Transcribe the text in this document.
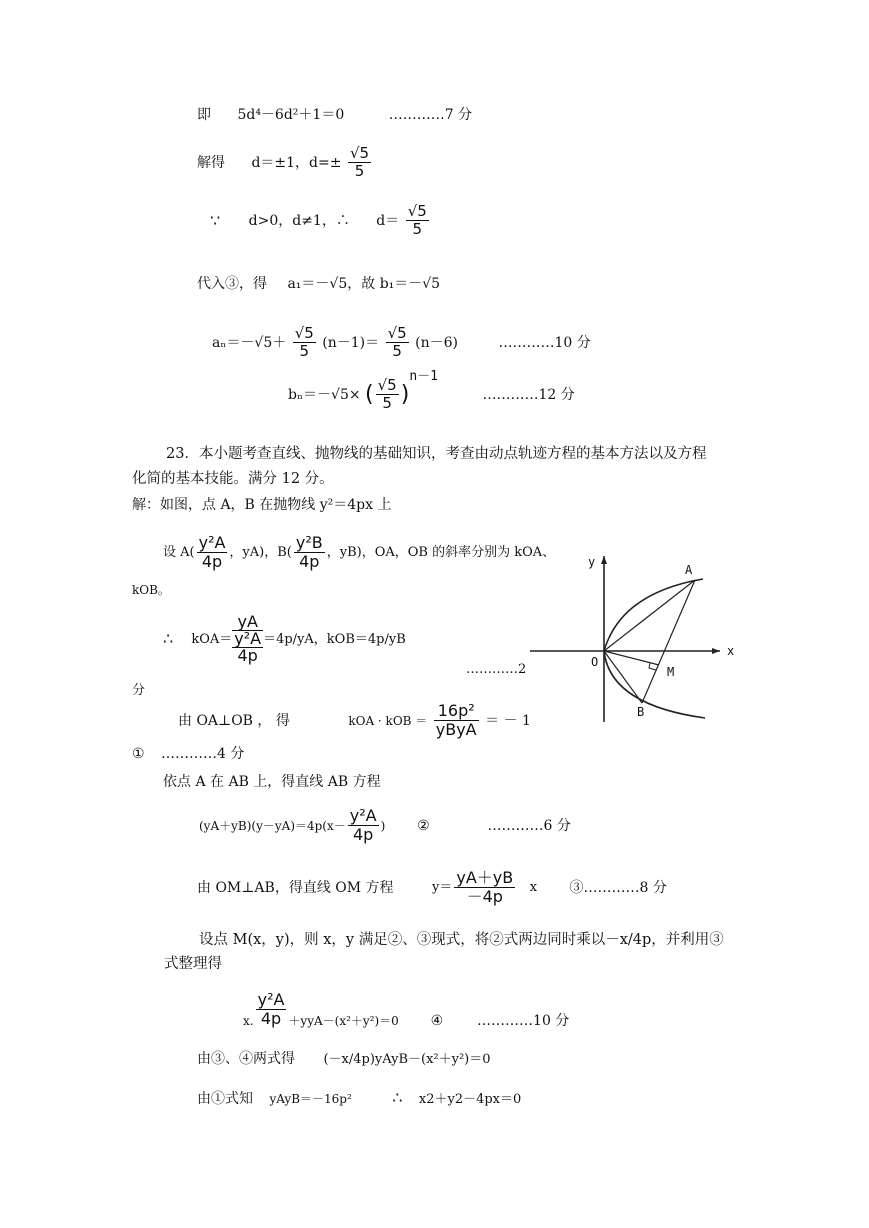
即 5d⁴－6d²＋1＝0	…………7 分
解得 d＝±1，$d=\pm \frac{√5}{5}$
∵ d>0，d≠1，∴ $d= \frac{√5}{5}$
代入③，得 a₁＝－√5，故 b₁＝－√5
$a_n=-√5+ \frac{√5}{5} (n-1)= \frac{√5}{5} (n-6)$	…………10 分
bₙ＝－√5× ( $\frac{√5}{5} )n-1$ …………12 分
23．本小题考查直线、抛物线的基础知识，考查由动点轨迹方程的基本方法以及方程
化简的基本技能。满分 12 分。
解：如图，点 A，B 在抛物线 y²＝4px 上
设 $A( \frac{\text{y²A}}{4p}$ ，yA)，$B( \frac{\text{y²B}}{4p}$ ，yB)，OA，OB 的斜率分别为 kOA、
kOB。
∴ kOA＝
yA
y²A
4p
＝4p/yA，kOB＝4p/yB
…………2
分
由 OA⊥OB ， 得	kOA · kOB ＝ $\frac{\text{16p²}}{\text{yByA}}$ ＝ － 1
① …………4 分
依点 A 在 AB 上，得直线 AB 方程
$(yA+yB)(y-yA)=4p(x- \frac{\text{y²A}}{4p}$ ) ②	…………6 分
由 OM⊥AB，得直线 OM 方程	$y= \frac{yA+yB}{-4p}$ x ③…………8 分
设点 M(x，y)，则 x，y 满足②、③现式，将②式两边同时乘以－x/4p，并利用③
式整理得
x. $\frac{\text{y²A}}{4p} +yyA-(x^2+y^2)=0$ ④ …………10 分
由③、④两式得 (－x/4p)yAyB－(x²＋y²)＝0
由①式知 yAyB＝－16p²	∴ x2＋y2－4px＝0
y
x
O
A
B
M
